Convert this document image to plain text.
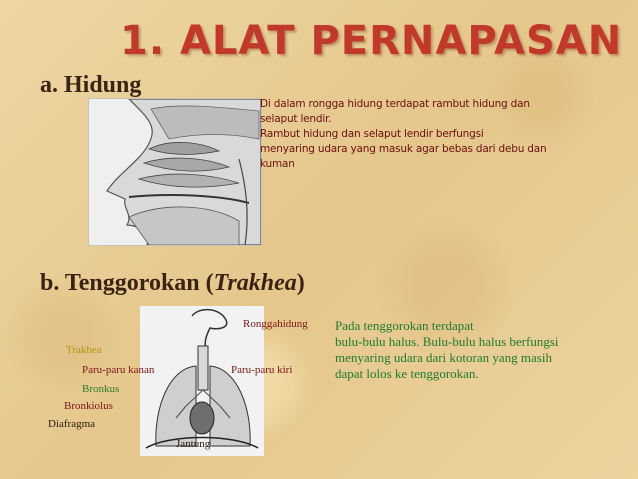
1. ALAT PERNAPASAN
a. Hidung

Di dalam rongga hidung terdapat rambut hidung dan

selaput lendir.

Rambut hidung dan selaput lendir berfungsi

menyaring udara yang masuk agar bebas dari debu dan

kuman

b. Tenggorokan (Trakhea)
Ronggahidung
Trakhea
Paru-paru kanan	Paru-paru kiri
Bronkus
Bronkiolus
Diafragma
Jantung

Pada tenggorokan terdapat

bulu-bulu halus. Bulu-bulu halus berfungsi

menyaring udara dari kotoran yang masih

dapat lolos ke tenggorokan.
